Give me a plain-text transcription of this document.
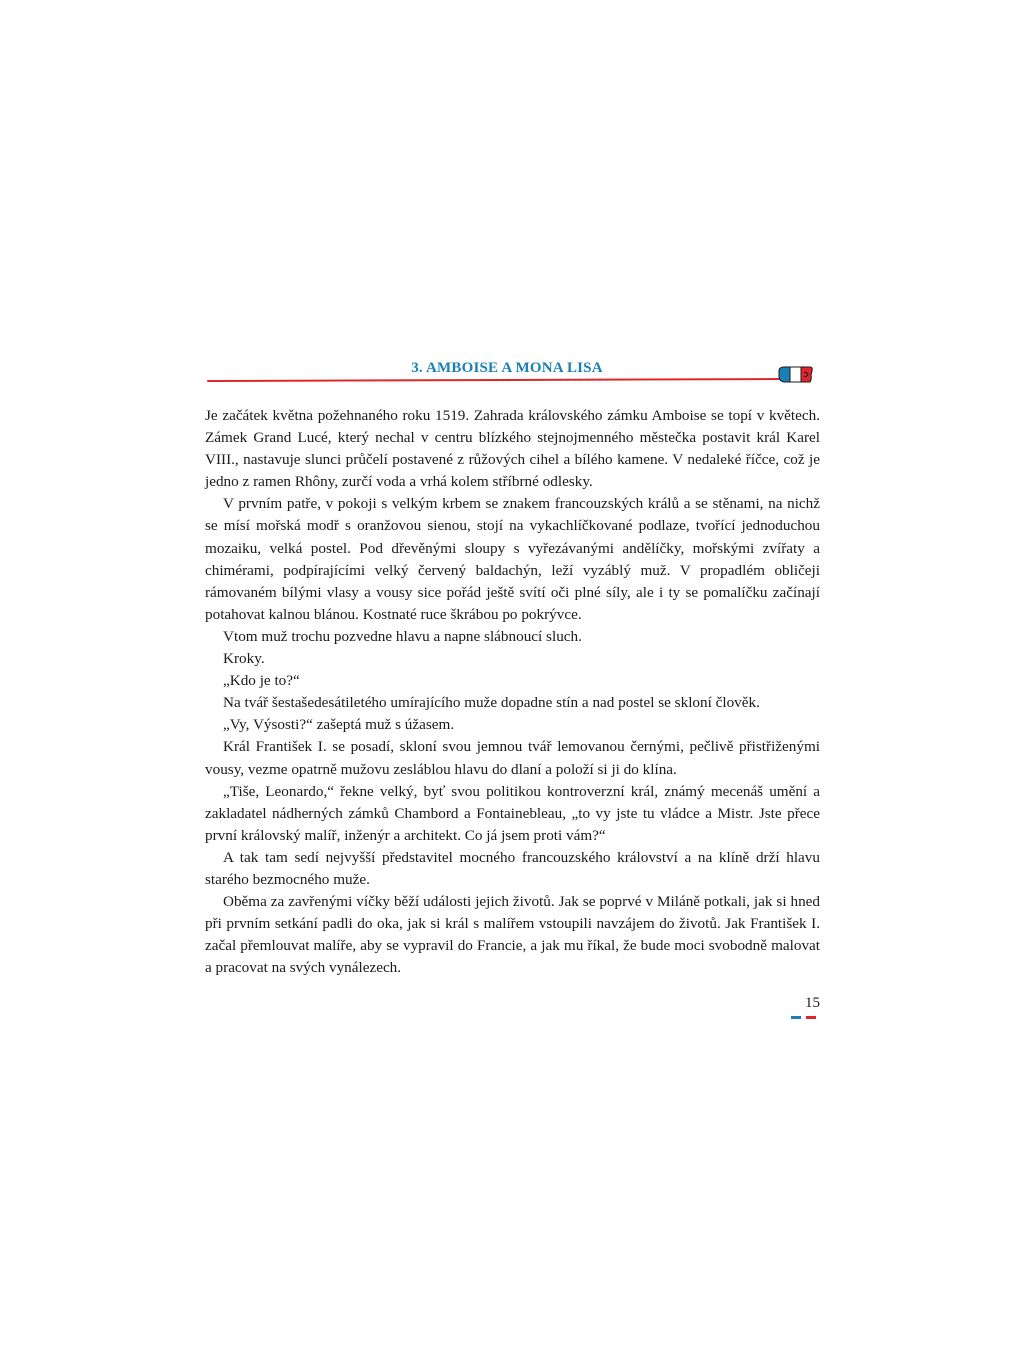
3. AMBOISE A MONA LISA

Je začátek května požehnaného roku 1519. Zahrada královského zámku Amboise se topí v květech. Zámek Grand Lucé, který nechal v centru blízkého stejnojmenného městečka postavit král Karel VIII., nastavuje slunci průčelí postavené z růžových cihel a bílého kamene. V nedaleké říčce, což je jedno z ramen Rhôny, zurčí voda a vrhá kolem stříbrné odlesky.

V prvním patře, v pokoji s velkým krbem se znakem francouzských králů a se stěnami, na nichž se mísí mořská modř s oranžovou sienou, stojí na vykachlíčkované podlaze, tvořící jednoduchou mozaiku, velká postel. Pod dřevěnými sloupy s vyřezávanými andělíčky, mořskými zvířaty a chimérami, podpírajícími velký červený baldachýn, leží vyzáblý muž. V propadlém obličeji rámovaném bílými vlasy a vousy sice pořád ještě svítí oči plné síly, ale i ty se pomalíčku začínají potahovat kalnou blánou. Kostnaté ruce škrábou po pokrývce.

Vtom muž trochu pozvedne hlavu a napne slábnoucí sluch.

Kroky.

„Kdo je to?“

Na tvář šestašedesátiletého umírajícího muže dopadne stín a nad postel se skloní člověk.

„Vy, Výsosti?“ zašeptá muž s úžasem.

Král František I. se posadí, skloní svou jemnou tvář lemovanou černými, pečlivě přistřiženými vousy, vezme opatrně mužovu zesláblou hlavu do dlaní a položí si ji do klína.

„Tiše, Leonardo,“ řekne velký, byť svou politikou kontroverzní král, známý mecenáš umění a zakladatel nádherných zámků Chambord a Fontainebleau, „to vy jste tu vládce a Mistr. Jste přece první královský malíř, inženýr a architekt. Co já jsem proti vám?“

A tak tam sedí nejvyšší představitel mocného francouzského království a na klíně drží hlavu starého bezmocného muže.

Oběma za zavřenými víčky běží události jejich životů. Jak se poprvé v Miláně potkali, jak si hned při prvním setkání padli do oka, jak si král s malířem vstoupili navzájem do životů. Jak František I. začal přemlouvat malíře, aby se vypravil do Francie, a jak mu říkal, že bude moci svobodně malovat a pracovat na svých vynálezech.

15
